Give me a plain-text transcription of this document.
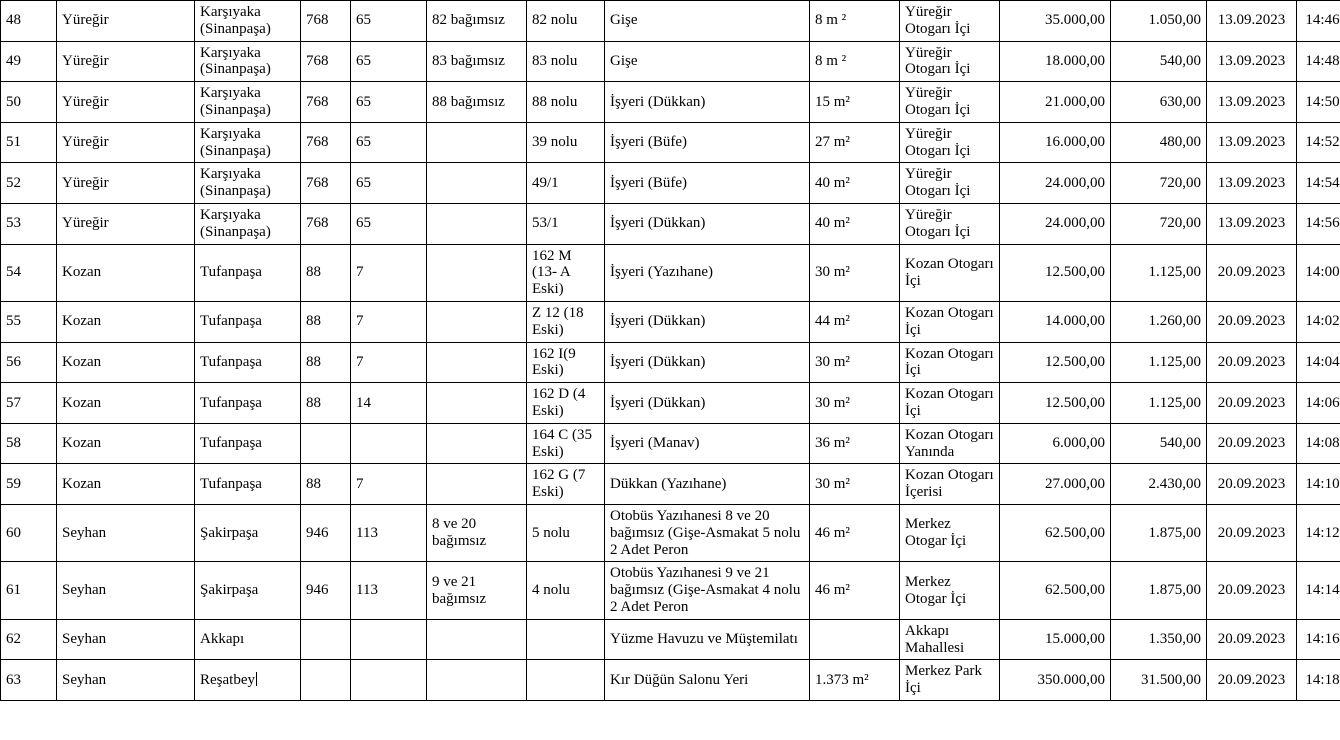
48	Yüreğir	Karşıyaka (Sinanpaşa)	768	65	82 bağımsız	82 nolu	Gişe	8 m ²	Yüreğir Otogarı İçi	35.000,00	1.050,00	13.09.2023	14:46
49	Yüreğir	Karşıyaka (Sinanpaşa)	768	65	83 bağımsız	83 nolu	Gişe	8 m ²	Yüreğir Otogarı İçi	18.000,00	540,00	13.09.2023	14:48
50	Yüreğir	Karşıyaka (Sinanpaşa)	768	65	88 bağımsız	88 nolu	İşyeri (Dükkan)	15 m²	Yüreğir Otogarı İçi	21.000,00	630,00	13.09.2023	14:50
51	Yüreğir	Karşıyaka (Sinanpaşa)	768	65		39 nolu	İşyeri (Büfe)	27 m²	Yüreğir Otogarı İçi	16.000,00	480,00	13.09.2023	14:52
52	Yüreğir	Karşıyaka (Sinanpaşa)	768	65		49/1	İşyeri (Büfe)	40 m²	Yüreğir Otogarı İçi	24.000,00	720,00	13.09.2023	14:54
53	Yüreğir	Karşıyaka (Sinanpaşa)	768	65		53/1	İşyeri (Dükkan)	40 m²	Yüreğir Otogarı İçi	24.000,00	720,00	13.09.2023	14:56
54	Kozan	Tufanpaşa	88	7		162 M (13- A Eski)	İşyeri (Yazıhane)	30 m²	Kozan Otogarı İçi	12.500,00	1.125,00	20.09.2023	14:00
55	Kozan	Tufanpaşa	88	7		Z 12 (18 Eski)	İşyeri (Dükkan)	44 m²	Kozan Otogarı İçi	14.000,00	1.260,00	20.09.2023	14:02
56	Kozan	Tufanpaşa	88	7		162 I(9 Eski)	İşyeri (Dükkan)	30 m²	Kozan Otogarı İçi	12.500,00	1.125,00	20.09.2023	14:04
57	Kozan	Tufanpaşa	88	14		162 D (4 Eski)	İşyeri (Dükkan)	30 m²	Kozan Otogarı İçi	12.500,00	1.125,00	20.09.2023	14:06
58	Kozan	Tufanpaşa				164 C (35 Eski)	İşyeri (Manav)	36 m²	Kozan Otogarı Yanında	6.000,00	540,00	20.09.2023	14:08
59	Kozan	Tufanpaşa	88	7		162 G (7 Eski)	Dükkan (Yazıhane)	30 m²	Kozan Otogarı İçerisi	27.000,00	2.430,00	20.09.2023	14:10
60	Seyhan	Şakirpaşa	946	113	8 ve 20 bağımsız	5 nolu	Otobüs Yazıhanesi 8 ve 20 bağımsız (Gişe-Asmakat 5 nolu 2 Adet Peron	46 m²	Merkez Otogar İçi	62.500,00	1.875,00	20.09.2023	14:12
61	Seyhan	Şakirpaşa	946	113	9 ve 21 bağımsız	4 nolu	Otobüs Yazıhanesi 9 ve 21 bağımsız (Gişe-Asmakat 4 nolu 2 Adet Peron	46 m²	Merkez Otogar İçi	62.500,00	1.875,00	20.09.2023	14:14
62	Seyhan	Akkapı					Yüzme Havuzu ve Müştemilatı		Akkapı Mahallesi	15.000,00	1.350,00	20.09.2023	14:16
63	Seyhan	Reşatbey					Kır Düğün Salonu Yeri	1.373 m²	Merkez Park İçi	350.000,00	31.500,00	20.09.2023	14:18
